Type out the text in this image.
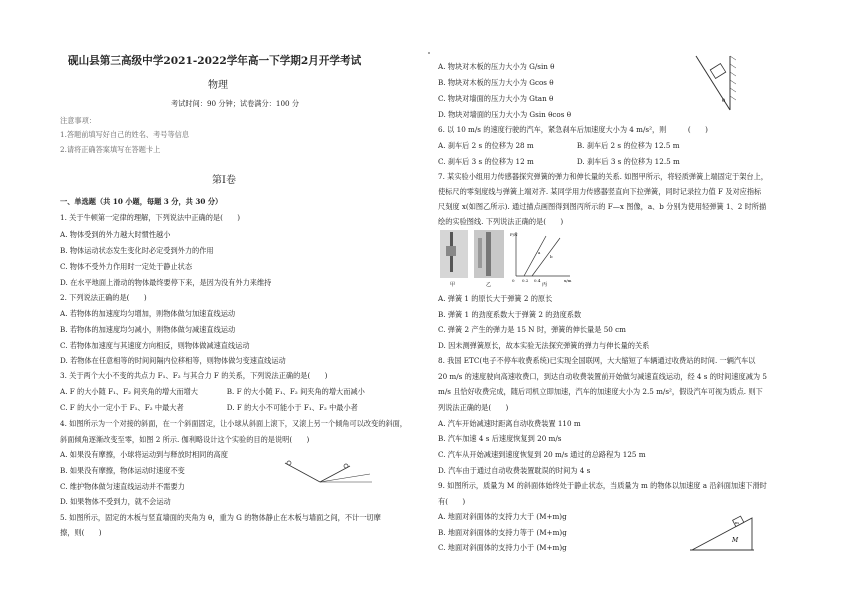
砚山县第三高级中学2021-2022学年高一下学期2月开学考试
物理
考试时间：90 分钟；试卷满分：100 分
注意事项：
1.答题前填写好自己的姓名、考号等信息
2.请将正确答案填写在答题卡上
第Ⅰ卷
一、单选题（共 10 小题，每题 3 分，共 30 分）
1. 关于牛顿第一定律的理解，下列说法中正确的是(　　)
A. 物体受到的外力越大时惯性越小
B. 物体运动状态发生变化时必定受到外力的作用
C. 物体不受外力作用时一定处于静止状态
D. 在水平地面上滑动的物体最终要停下来，是因为没有外力来维持
2. 下列说法正确的是(　　)
A. 若物体的加速度均匀增加，则物体做匀加速直线运动
B. 若物体的加速度均匀减小，则物体做匀减速直线运动
C. 若物体加速度与其速度方向相反，则物体做减速直线运动
D. 若物体在任意相等的时间间隔内位移相等，则物体做匀变速直线运动
3. 关于两个大小不变的共点力 F₁、F₂ 与其合力 F 的关系，下列说法正确的是(　　)
A. F 的大小随 F₁、F₂ 间夹角的增大而增大　　　　B. F 的大小随 F₁、F₂ 间夹角的增大而减小
C. F 的大小一定小于 F₁、F₂ 中最大者　　　　　　D. F 的大小不可能小于 F₁、F₂ 中最小者
4. 如图所示为一个对接的斜面，在一个斜面固定，让小球从斜面上滚下，又滚上另一个倾角可以改变的斜面，
斜面倾角逐渐改变至零，如图 2 所示. 伽利略设计这个实验的目的是说明(　　)
A. 如果没有摩擦，小球将运动到与释放时相同的高度
B. 如果没有摩擦，物体运动时速度不变
C. 维护物体做匀速直线运动并不需要力
D. 如果物体不受到力，就不会运动
5. 如图所示，固定的木板与竖直墙面的夹角为 θ，重为 G 的物体静止在木板与墙面之间，不计一切摩
擦，则(　　)
A. 物块对木板的压力大小为 G/sin θ
B. 物块对木板的压力大小为 Gcos θ
C. 物块对墙面的压力大小为 Gtan θ
D. 物块对墙面的压力大小为 Gsin θcos θ
6. 以 10 m/s 的速度行驶的汽车，紧急刹车后加速度大小为 4 m/s²，则　　　(　　)
A. 刹车后 2 s 的位移为 28 m　　　　　　B. 刹车后 2 s 的位移为 12.5 m
C. 刹车后 3 s 的位移为 12 m　　　　　　D. 刹车后 3 s 的位移为 12.5 m
7. 某实验小组用力传感器探究弹簧的弹力和伸长量的关系. 如图甲所示，将轻质弹簧上端固定于架台上，
使标尺的零刻度线与弹簧上端对齐. 某同学用力传感器竖直向下拉弹簧，同时记录拉力值 F 及对应指标
尺刻度 x(如图乙所示). 通过描点画图得到图丙所示的 F—x 图像，a、b 分别为使用轻弹簧 1、2 时所描
绘的实验图线. 下列说法正确的是(　　)
A. 弹簧 1 的原长大于弹簧 2 的原长
B. 弹簧 1 的劲度系数大于弹簧 2 的劲度系数
C. 弹簧 2 产生的弹力是 15 N 时，弹簧的伸长量是 50 cm
D. 因未测弹簧原长，故本实验无法探究弹簧的弹力与伸长量的关系
8. 我国 ETC(电子不停车收费系统)已实现全国联网，大大缩短了车辆通过收费站的时间. 一辆汽车以
20 m/s 的速度驶向高速收费口，到达自动收费装置前开始做匀减速直线运动，经 4 s 的时间速度减为 5
m/s 且恰好收费完成，随后司机立即加速，汽车的加速度大小为 2.5 m/s²，假设汽车可视为质点. 则下
列说法正确的是(　　)
A. 汽车开始减速时距离自动收费装置 110 m
B. 汽车加速 4 s 后速度恢复到 20 m/s
C. 汽车从开始减速到速度恢复到 20 m/s 通过的总路程为 125 m
D. 汽车由于通过自动收费装置耽误的时间为 4 s
9. 如图所示，质量为 M 的斜面体始终处于静止状态，当质量为 m 的物体以加速度 a 沿斜面加速下滑时
有(　　)
A. 地面对斜面体的支持力大于 (M+m)g
B. 地面对斜面体的支持力等于 (M+m)g
C. 地面对斜面体的支持力小于 (M+m)g
θ
甲	乙
F/N
x/m
0 0.2 0.4
a
b
丙
m
M
